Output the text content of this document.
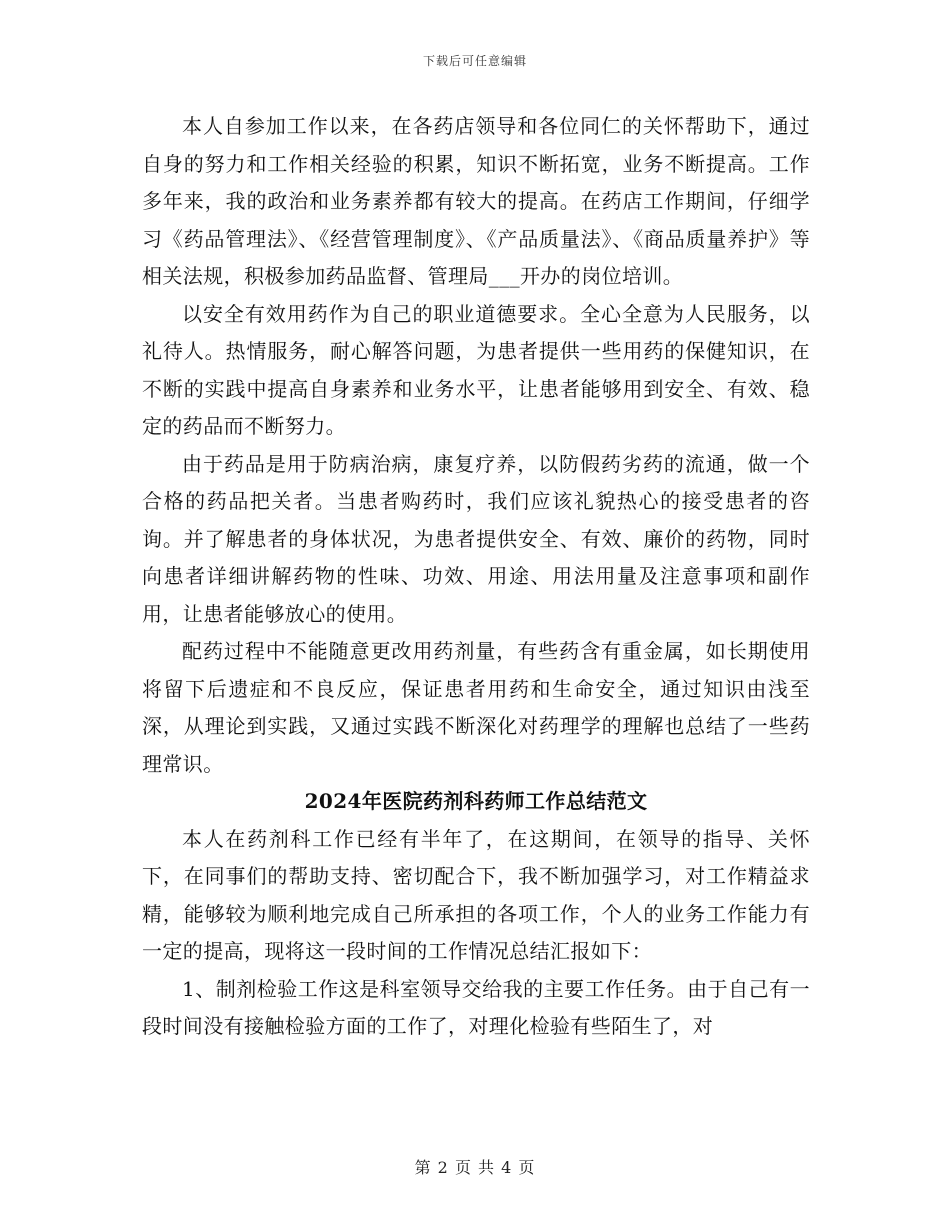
下载后可任意编辑

本人自参加工作以来，在各药店领导和各位同仁的关怀帮助下，通过自身的努力和工作相关经验的积累，知识不断拓宽，业务不断提高。工作多年来，我的政治和业务素养都有较大的提高。在药店工作期间，仔细学习《药品管理法》、《经营管理制度》、《产品质量法》、《商品质量养护》等相关法规，积极参加药品监督、管理局___开办的岗位培训。

以安全有效用药作为自己的职业道德要求。全心全意为人民服务，以礼待人。热情服务，耐心解答问题，为患者提供一些用药的保健知识，在不断的实践中提高自身素养和业务水平，让患者能够用到安全、有效、稳定的药品而不断努力。

由于药品是用于防病治病，康复疗养，以防假药劣药的流通，做一个合格的药品把关者。当患者购药时，我们应该礼貌热心的接受患者的咨询。并了解患者的身体状况，为患者提供安全、有效、廉价的药物，同时向患者详细讲解药物的性味、功效、用途、用法用量及注意事项和副作用，让患者能够放心的使用。

配药过程中不能随意更改用药剂量，有些药含有重金属，如长期使用将留下后遗症和不良反应，保证患者用药和生命安全，通过知识由浅至深，从理论到实践，又通过实践不断深化对药理学的理解也总结了一些药理常识。

2024年医院药剂科药师工作总结范文

本人在药剂科工作已经有半年了，在这期间，在领导的指导、关怀下，在同事们的帮助支持、密切配合下，我不断加强学习，对工作精益求精，能够较为顺利地完成自己所承担的各项工作，个人的业务工作能力有一定的提高，现将这一段时间的工作情况总结汇报如下：

1、制剂检验工作这是科室领导交给我的主要工作任务。由于自己有一段时间没有接触检验方面的工作了，对理化检验有些陌生了，对

第 2 页 共 4 页
